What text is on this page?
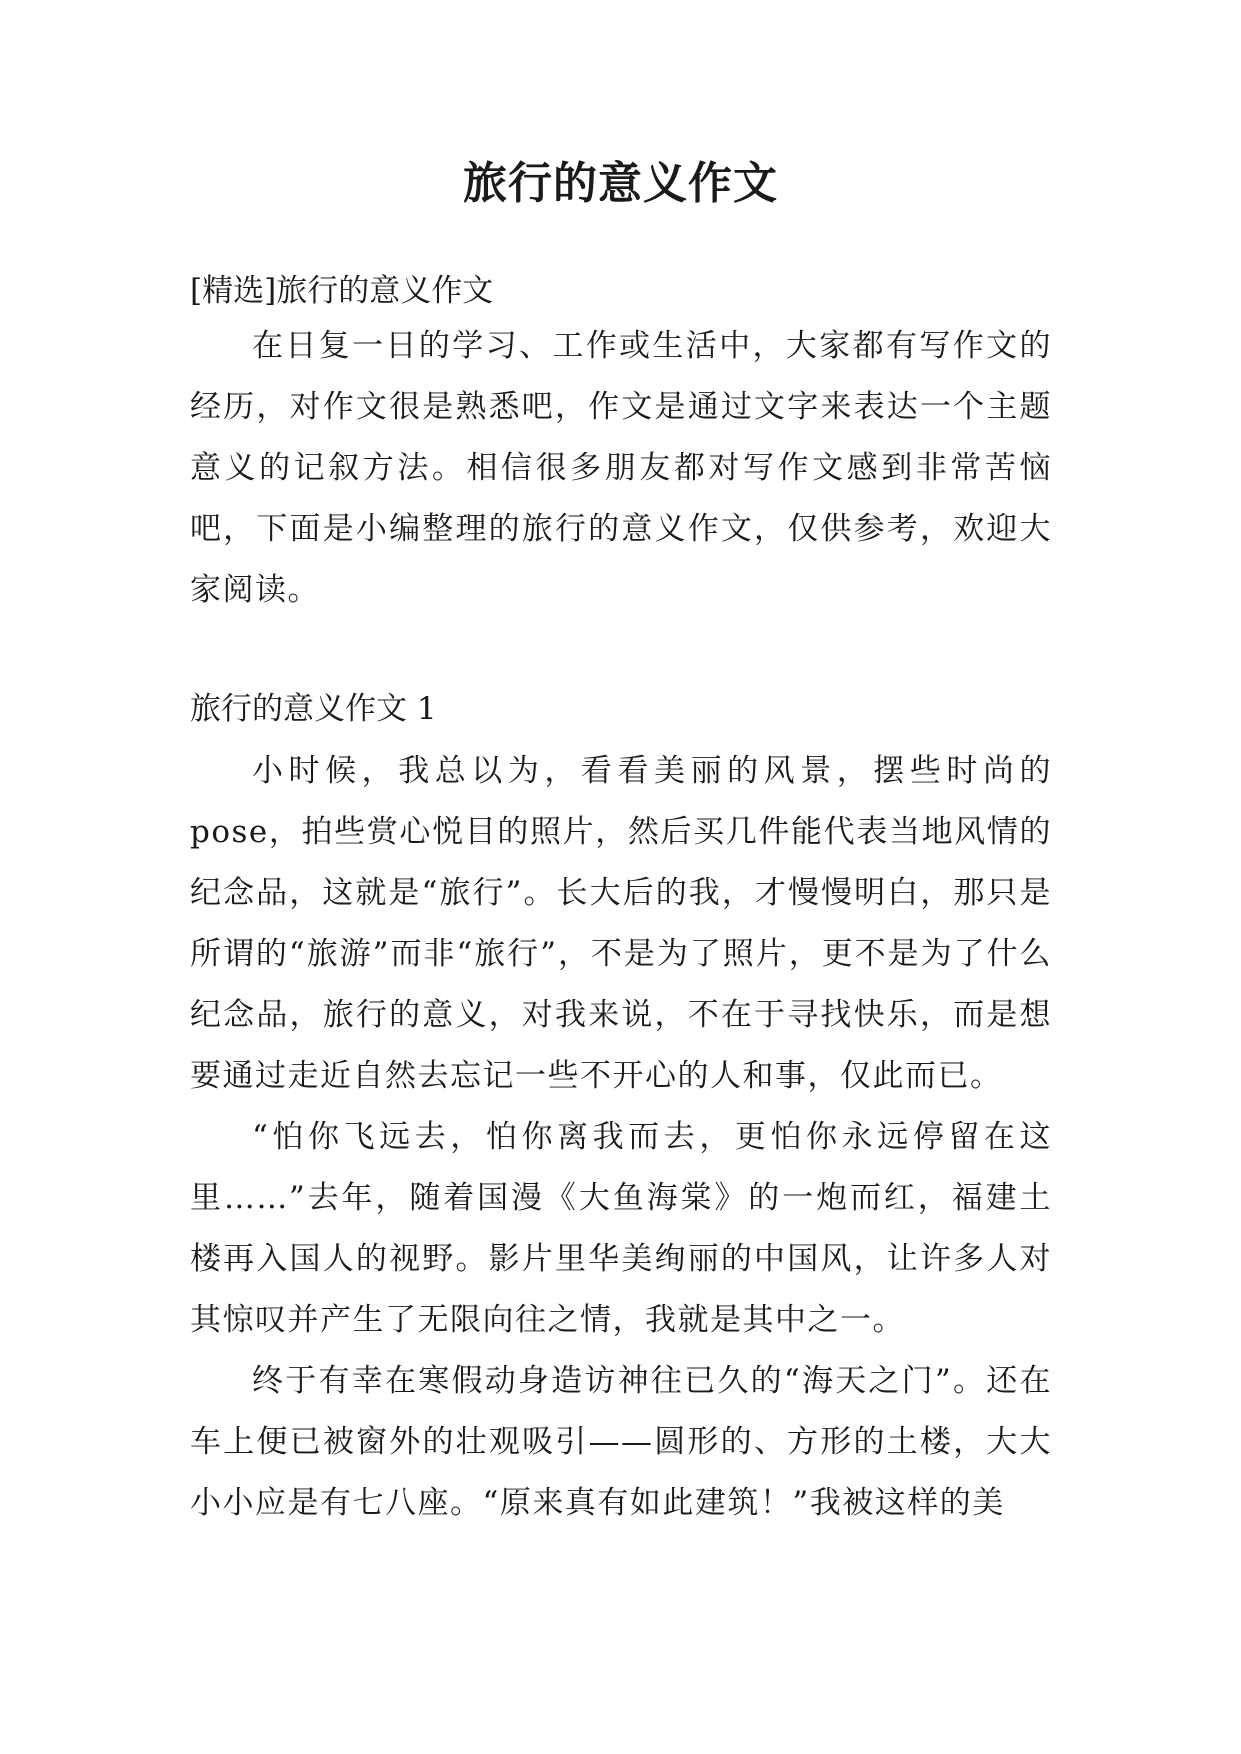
旅行的意义作文

[精选]旅行的意义作文

在日复一日的学习、工作或生活中，大家都有写作文的经历，对作文很是熟悉吧，作文是通过文字来表达一个主题意义的记叙方法。相信很多朋友都对写作文感到非常苦恼吧，下面是小编整理的旅行的意义作文，仅供参考，欢迎大家阅读。

旅行的意义作文 1

小时候，我总以为，看看美丽的风景，摆些时尚的pose，拍些赏心悦目的照片，然后买几件能代表当地风情的纪念品，这就是“旅行”。长大后的我，才慢慢明白，那只是所谓的“旅游”而非“旅行”，不是为了照片，更不是为了什么纪念品，旅行的意义，对我来说，不在于寻找快乐，而是想要通过走近自然去忘记一些不开心的人和事，仅此而已。

“怕你飞远去，怕你离我而去，更怕你永远停留在这里……”去年，随着国漫《大鱼海棠》的一炮而红，福建土楼再入国人的视野。影片里华美绚丽的中国风，让许多人对其惊叹并产生了无限向往之情，我就是其中之一。

终于有幸在寒假动身造访神往已久的“海天之门”。还在车上便已被窗外的壮观吸引——圆形的、方形的土楼，大大小小应是有七八座。“原来真有如此建筑！”我被这样的美
